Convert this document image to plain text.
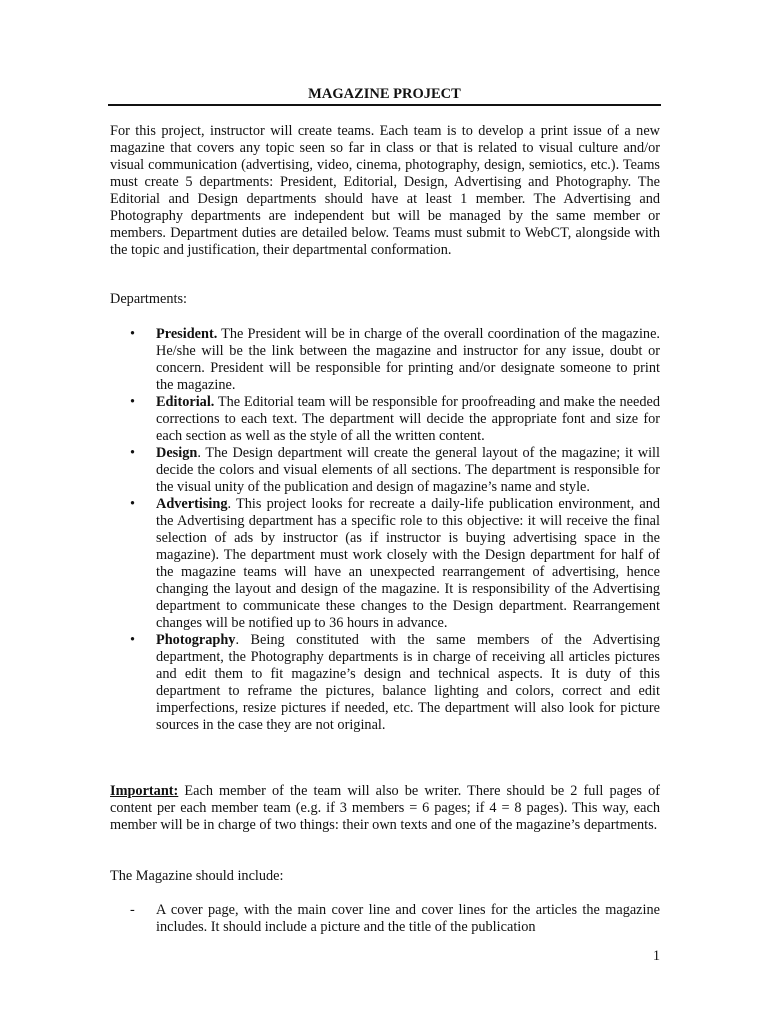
MAGAZINE PROJECT

For this project, instructor will create teams. Each team is to develop a print issue of a new magazine that covers any topic seen so far in class or that is related to visual culture and/or visual communication (advertising, video, cinema, photography, design, semiotics, etc.). Teams must create 5 departments: President, Editorial, Design, Advertising and Photography. The Editorial and Design departments should have at least 1 member. The Advertising and Photography departments are independent but will be managed by the same member or members. Department duties are detailed below. Teams must submit to WebCT, alongside with the topic and justification, their departmental conformation.

Departments:

• President. The President will be in charge of the overall coordination of the magazine. He/she will be the link between the magazine and instructor for any issue, doubt or concern. President will be responsible for printing and/or designate someone to print the magazine.
• Editorial. The Editorial team will be responsible for proofreading and make the needed corrections to each text. The department will decide the appropriate font and size for each section as well as the style of all the written content.
• Design. The Design department will create the general layout of the magazine; it will decide the colors and visual elements of all sections. The department is responsible for the visual unity of the publication and design of magazine’s name and style.
• Advertising. This project looks for recreate a daily-life publication environment, and the Advertising department has a specific role to this objective: it will receive the final selection of ads by instructor (as if instructor is buying advertising space in the magazine). The department must work closely with the Design department for half of the magazine teams will have an unexpected rearrangement of advertising, hence changing the layout and design of the magazine. It is responsibility of the Advertising department to communicate these changes to the Design department. Rearrangement changes will be notified up to 36 hours in advance.
• Photography. Being constituted with the same members of the Advertising department, the Photography departments is in charge of receiving all articles pictures and edit them to fit magazine’s design and technical aspects. It is duty of this department to reframe the pictures, balance lighting and colors, correct and edit imperfections, resize pictures if needed, etc. The department will also look for picture sources in the case they are not original.

Important: Each member of the team will also be writer. There should be 2 full pages of content per each member team (e.g. if 3 members = 6 pages; if 4 = 8 pages). This way, each member will be in charge of two things: their own texts and one of the magazine’s departments.

The Magazine should include:

- A cover page, with the main cover line and cover lines for the articles the magazine includes. It should include a picture and the title of the publication
1
